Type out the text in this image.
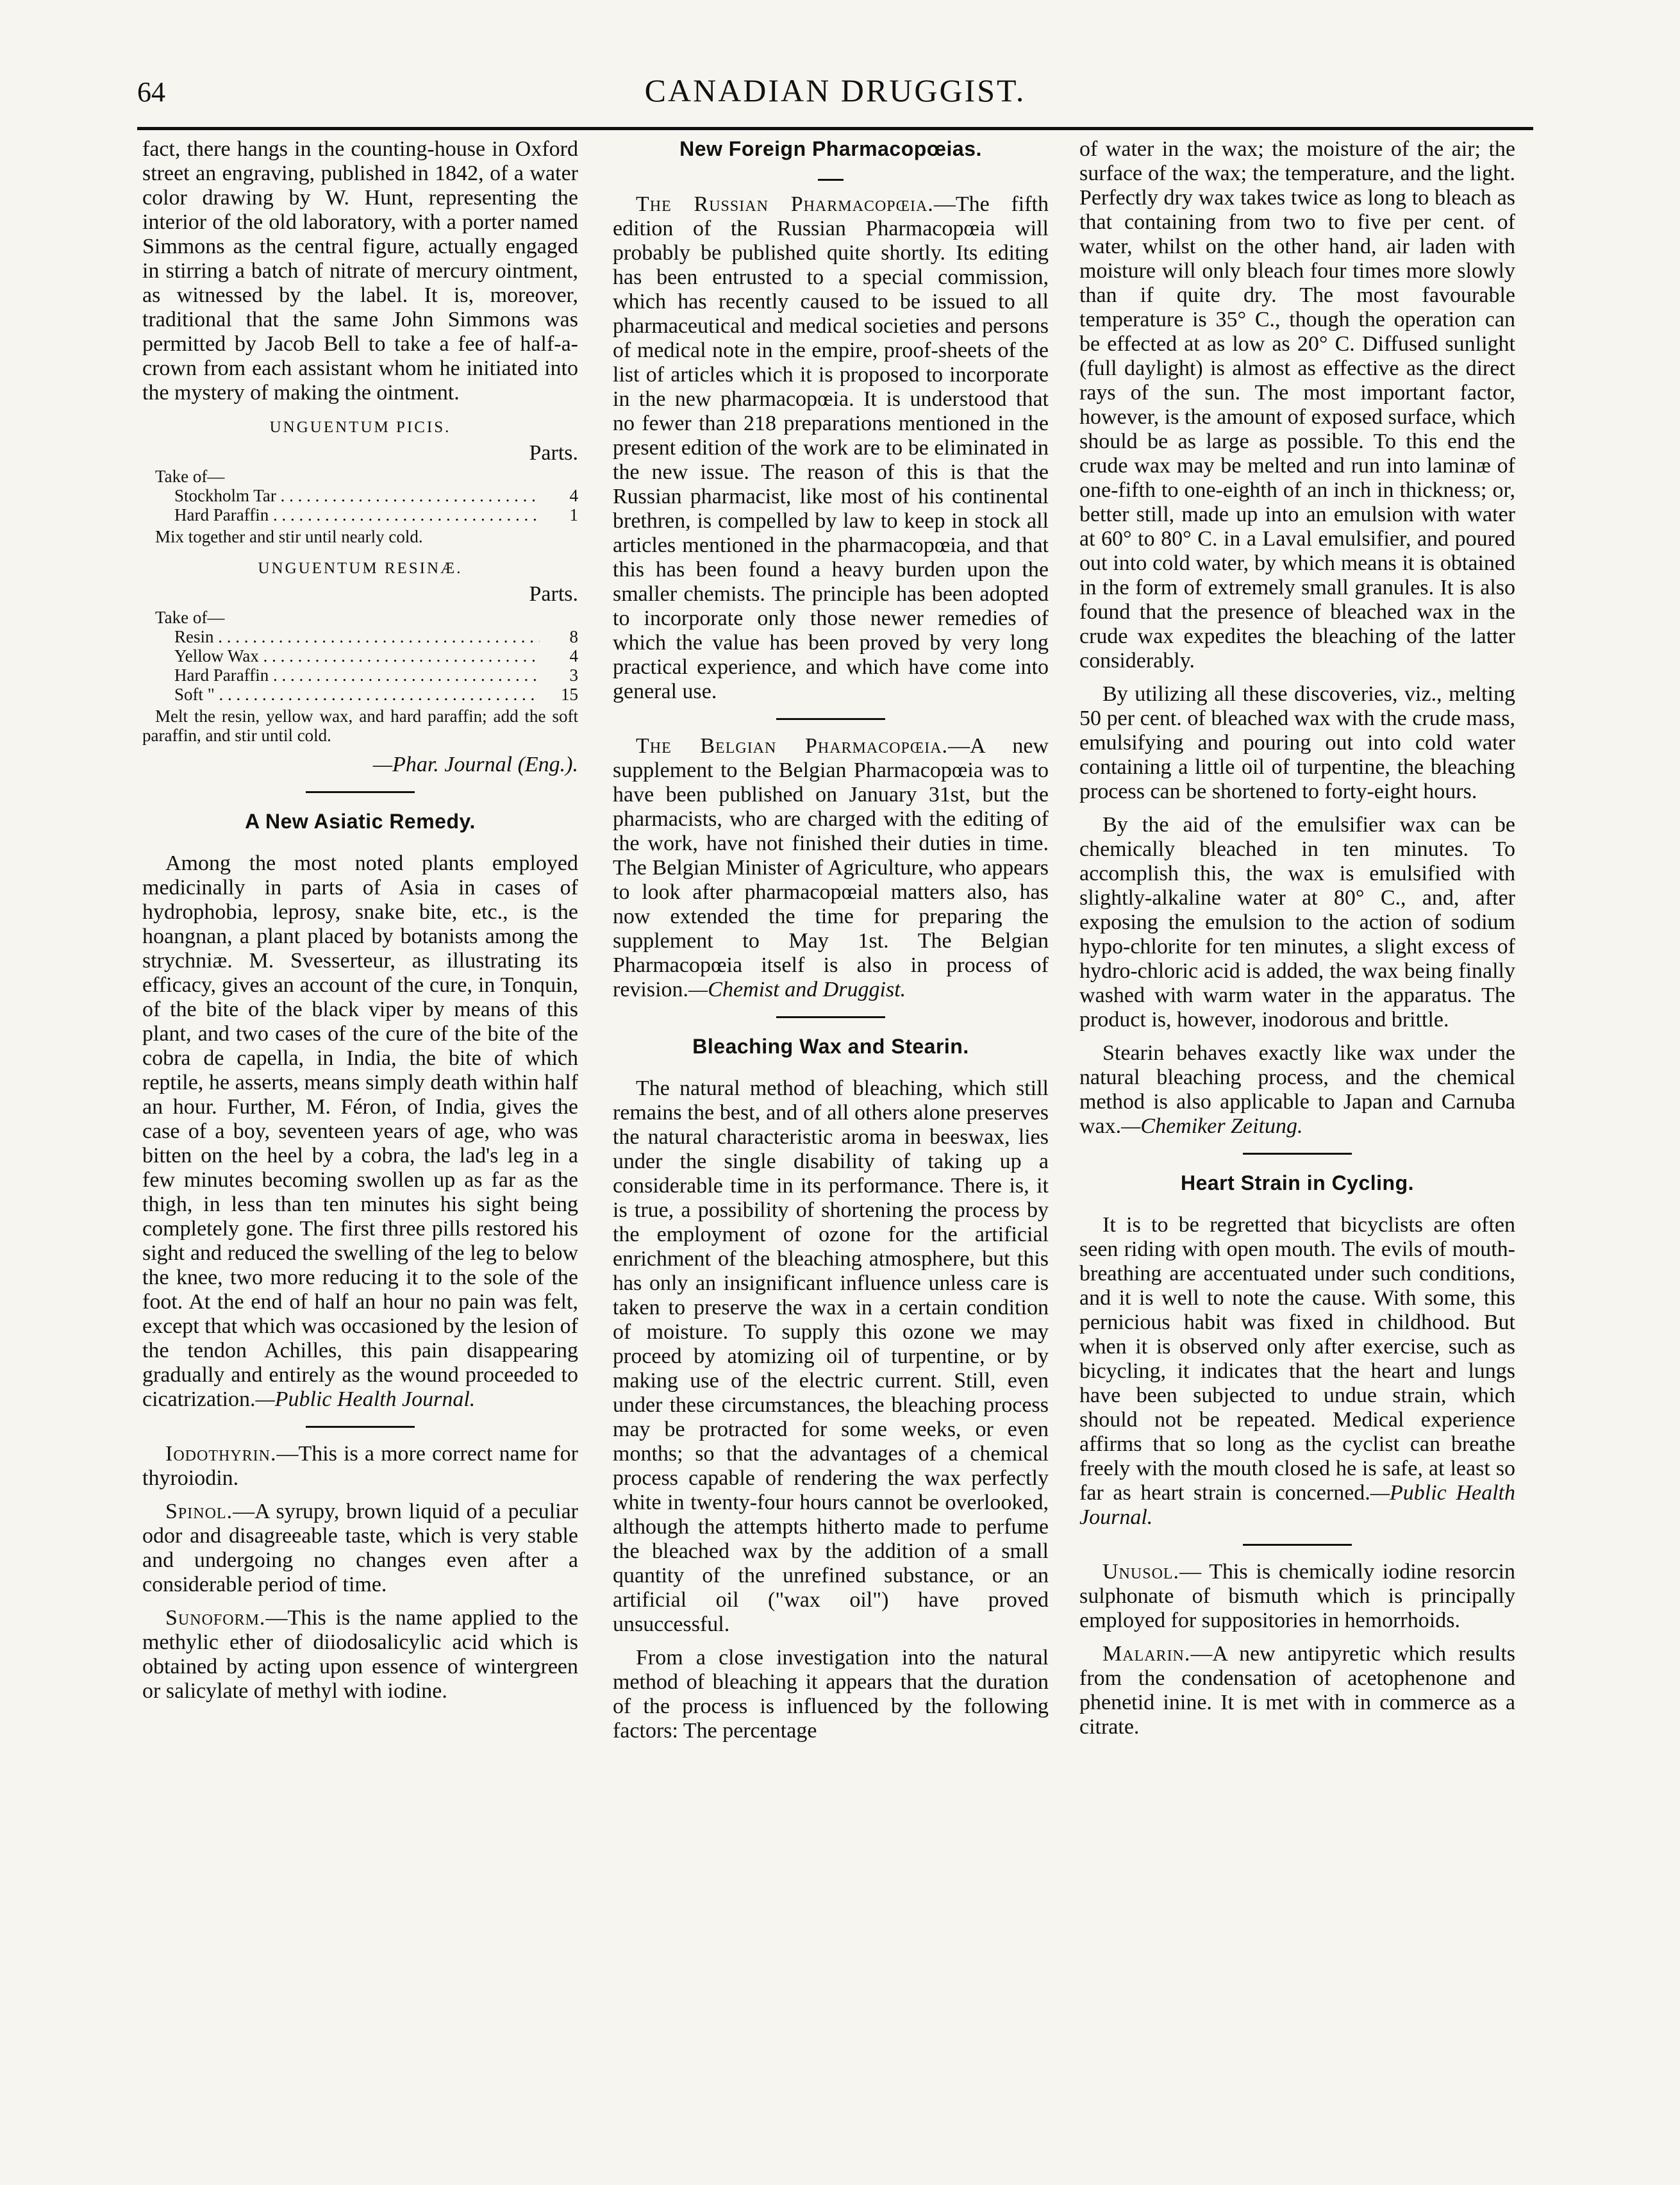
64	CANADIAN DRUGGIST.

fact, there hangs in the counting-house in Oxford street an engraving, published in 1842, of a water color drawing by W. Hunt, representing the interior of the old laboratory, with a porter named Simmons as the central figure, actually engaged in stirring a batch of nitrate of mercury ointment, as witnessed by the label. It is, moreover, traditional that the same John Simmons was permitted by Jacob Bell to take a fee of half-a-crown from each assistant whom he initiated into the mystery of making the ointment.

UNGUENTUM PICIS.

Parts.

Take of—
Stockholm Tar . . .	4
Hard Paraffin . . .	1
Mix together and stir until nearly cold.
UNGUENTUM RESINÆ.

Parts.

Take of—
Resin . . .	8
Yellow Wax . . .	4
Hard Paraffin . . .	3
Soft " . . .	15
Melt the resin, yellow wax, and hard paraffin; add the soft paraffin, and stir until cold.
—Phar. Journal (Eng.).
A New Asiatic Remedy.

Among the most noted plants employed medicinally in parts of Asia in cases of hydrophobia, leprosy, snake bite, etc., is the hoangnan, a plant placed by botanists among the strychniæ. M. Svesserteur, as illustrating its efficacy, gives an account of the cure, in Tonquin, of the bite of the black viper by means of this plant, and two cases of the cure of the bite of the cobra de capella, in India, the bite of which reptile, he asserts, means simply death within half an hour. Further, M. Féron, of India, gives the case of a boy, seventeen years of age, who was bitten on the heel by a cobra, the lad's leg in a few minutes becoming swollen up as far as the thigh, in less than ten minutes his sight being completely gone. The first three pills restored his sight and reduced the swelling of the leg to below the knee, two more reducing it to the sole of the foot. At the end of half an hour no pain was felt, except that which was occasioned by the lesion of the tendon Achilles, this pain disappearing gradually and entirely as the wound proceeded to cicatrization.—Public Health Journal.

Iodothyrin.—This is a more correct name for thyroiodin.

Spinol.—A syrupy, brown liquid of a peculiar odor and disagreeable taste, which is very stable and undergoing no changes even after a considerable period of time.

Sunoform.—This is the name applied to the methylic ether of diiodosalicylic acid which is obtained by acting upon essence of wintergreen or salicylate of methyl with iodine.

New Foreign Pharmacopœias.

The Russian Pharmacopœia.—The fifth edition of the Russian Pharmacopœia will probably be published quite shortly. Its editing has been entrusted to a special commission, which has recently caused to be issued to all pharmaceutical and medical societies and persons of medical note in the empire, proof-sheets of the list of articles which it is proposed to incorporate in the new pharmacopœia. It is understood that no fewer than 218 preparations mentioned in the present edition of the work are to be eliminated in the new issue. The reason of this is that the Russian pharmacist, like most of his continental brethren, is compelled by law to keep in stock all articles mentioned in the pharmacopœia, and that this has been found a heavy burden upon the smaller chemists. The principle has been adopted to incorporate only those newer remedies of which the value has been proved by very long practical experience, and which have come into general use.

The Belgian Pharmacopœia.—A new supplement to the Belgian Pharmacopœia was to have been published on January 31st, but the pharmacists, who are charged with the editing of the work, have not finished their duties in time. The Belgian Minister of Agriculture, who appears to look after pharmacopœial matters also, has now extended the time for preparing the supplement to May 1st. The Belgian Pharmacopœia itself is also in process of revision.—Chemist and Druggist.

Bleaching Wax and Stearin.

The natural method of bleaching, which still remains the best, and of all others alone preserves the natural characteristic aroma in beeswax, lies under the single disability of taking up a considerable time in its performance. There is, it is true, a possibility of shortening the process by the employment of ozone for the artificial enrichment of the bleaching atmosphere, but this has only an insignificant influence unless care is taken to preserve the wax in a certain condition of moisture. To supply this ozone we may proceed by atomizing oil of turpentine, or by making use of the electric current. Still, even under these circumstances, the bleaching process may be protracted for some weeks, or even months; so that the advantages of a chemical process capable of rendering the wax perfectly white in twenty-four hours cannot be overlooked, although the attempts hitherto made to perfume the bleached wax by the addition of a small quantity of the unrefined substance, or an artificial oil ("wax oil") have proved unsuccessful.

From a close investigation into the natural method of bleaching it appears that the duration of the process is influenced by the following factors: The percentage

of water in the wax; the moisture of the air; the surface of the wax; the temperature, and the light. Perfectly dry wax takes twice as long to bleach as that containing from two to five per cent. of water, whilst on the other hand, air laden with moisture will only bleach four times more slowly than if quite dry. The most favourable temperature is 35° C., though the operation can be effected at as low as 20° C. Diffused sunlight (full daylight) is almost as effective as the direct rays of the sun. The most important factor, however, is the amount of exposed surface, which should be as large as possible. To this end the crude wax may be melted and run into laminæ of one-fifth to one-eighth of an inch in thickness; or, better still, made up into an emulsion with water at 60° to 80° C. in a Laval emulsifier, and poured out into cold water, by which means it is obtained in the form of extremely small granules. It is also found that the presence of bleached wax in the crude wax expedites the bleaching of the latter considerably.

By utilizing all these discoveries, viz., melting 50 per cent. of bleached wax with the crude mass, emulsifying and pouring out into cold water containing a little oil of turpentine, the bleaching process can be shortened to forty-eight hours.

By the aid of the emulsifier wax can be chemically bleached in ten minutes. To accomplish this, the wax is emulsified with slightly-alkaline water at 80° C., and, after exposing the emulsion to the action of sodium hypo-chlorite for ten minutes, a slight excess of hydro-chloric acid is added, the wax being finally washed with warm water in the apparatus. The product is, however, inodorous and brittle.

Stearin behaves exactly like wax under the natural bleaching process, and the chemical method is also applicable to Japan and Carnuba wax.—Chemiker Zeitung.

Heart Strain in Cycling.

It is to be regretted that bicyclists are often seen riding with open mouth. The evils of mouth-breathing are accentuated under such conditions, and it is well to note the cause. With some, this pernicious habit was fixed in childhood. But when it is observed only after exercise, such as bicycling, it indicates that the heart and lungs have been subjected to undue strain, which should not be repeated. Medical experience affirms that so long as the cyclist can breathe freely with the mouth closed he is safe, at least so far as heart strain is concerned.—Public Health Journal.

Unusol.— This is chemically iodine resorcin sulphonate of bismuth which is principally employed for suppositories in hemorrhoids.

Malarin.—A new antipyretic which results from the condensation of acetophenone and phenetid inine. It is met with in commerce as a citrate.
